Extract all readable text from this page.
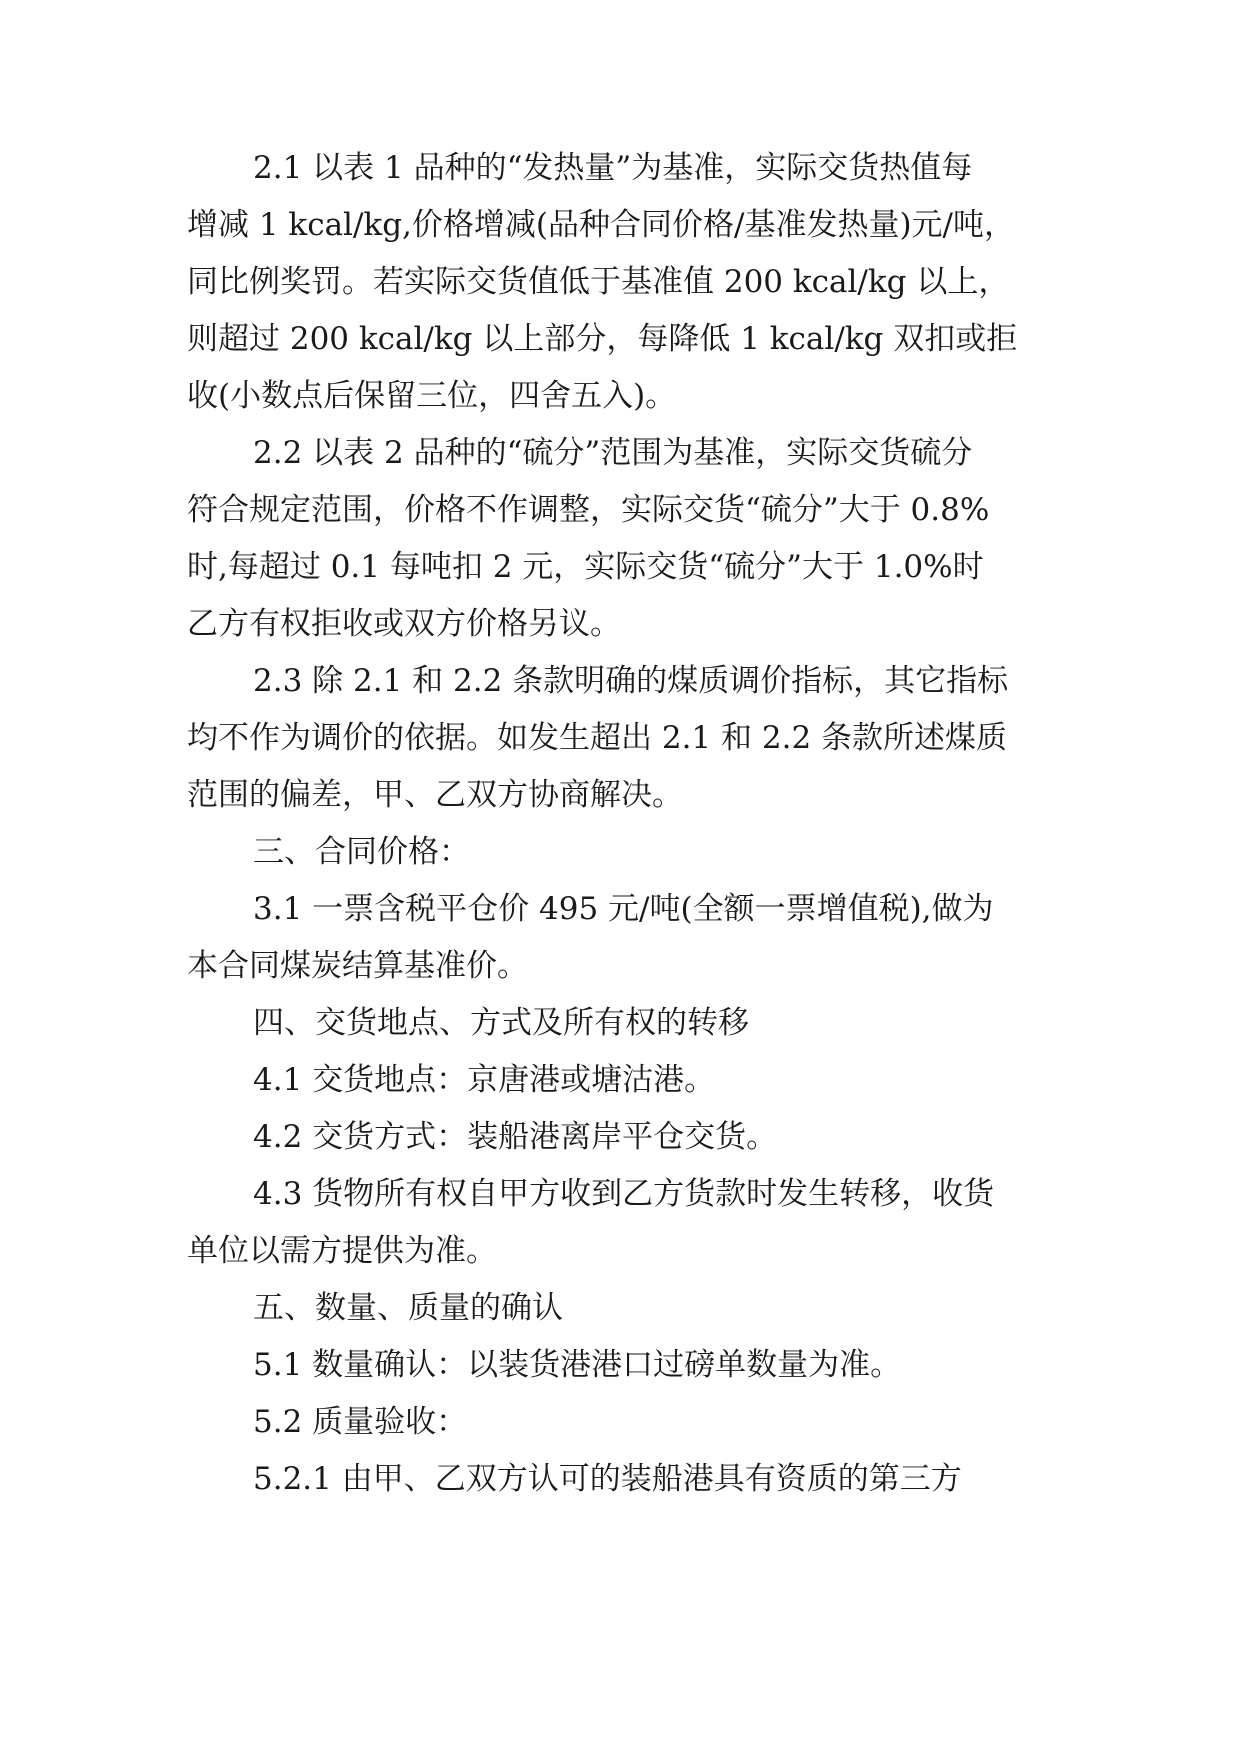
2.1 以表 1 品种的“发热量”为基准，实际交货热值每
增减 1 kcal/kg,价格增减(品种合同价格/基准发热量)元/吨，
同比例奖罚。若实际交货值低于基准值 200 kcal/kg 以上，
则超过 200 kcal/kg 以上部分，每降低 1 kcal/kg 双扣或拒
收(小数点后保留三位，四舍五入)。
2.2 以表 2 品种的“硫分”范围为基准，实际交货硫分
符合规定范围，价格不作调整，实际交货“硫分”大于 0.8%
时,每超过 0.1 每吨扣 2 元，实际交货“硫分”大于 1.0%时
乙方有权拒收或双方价格另议。
2.3 除 2.1 和 2.2 条款明确的煤质调价指标，其它指标
均不作为调价的依据。如发生超出 2.1 和 2.2 条款所述煤质
范围的偏差，甲、乙双方协商解决。
三、合同价格：
3.1 一票含税平仓价 495 元/吨(全额一票增值税),做为
本合同煤炭结算基准价。
四、交货地点、方式及所有权的转移
4.1 交货地点：京唐港或塘沽港。
4.2 交货方式：装船港离岸平仓交货。
4.3 货物所有权自甲方收到乙方货款时发生转移，收货
单位以需方提供为准。
五、数量、质量的确认
5.1 数量确认：以装货港港口过磅单数量为准。
5.2 质量验收：
5.2.1 由甲、乙双方认可的装船港具有资质的第三方
